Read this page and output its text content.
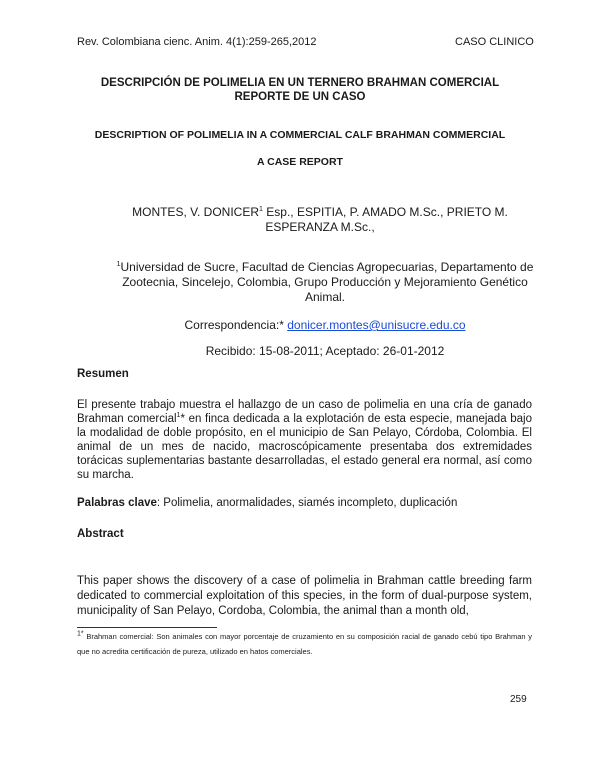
Rev. Colombiana cienc. Anim. 4(1):259-265,2012	CASO CLINICO
DESCRIPCIÓN DE POLIMELIA EN UN TERNERO BRAHMAN COMERCIAL
REPORTE DE UN CASO
DESCRIPTION OF POLIMELIA IN A COMMERCIAL CALF BRAHMAN COMMERCIAL
A CASE REPORT
MONTES, V. DONICER$^1$ Esp., ESPITIA, P. AMADO M.Sc., PRIETO M.
ESPERANZA M.Sc.,
$^1$Universidad de Sucre, Facultad de Ciencias Agropecuarias, Departamento de
Zootecnia, Sincelejo, Colombia, Grupo Producción y Mejoramiento Genético
Animal.
Correspondencia:* donicer.montes@unisucre.edu.co
Recibido: 15-08-2011; Aceptado: 26-01-2012
Resumen
El presente trabajo muestra el hallazgo de un caso de polimelia en una cría de ganado Brahman comercial$^1$* en finca dedicada a la explotación de esta especie, manejada bajo la modalidad de doble propósito, en el municipio de San Pelayo, Córdoba, Colombia. El animal de un mes de nacido, macroscópicamente presentaba dos extremidades torácicas suplementarias bastante desarrolladas, el estado general era normal, así como su marcha.
Palabras clave: Polimelia, anormalidades, siamés incompleto, duplicación
Abstract
This paper shows the discovery of a case of polimelia in Brahman cattle breeding farm dedicated to commercial exploitation of this species, in the form of dual-purpose system, municipality of San Pelayo, Cordoba, Colombia, the animal than a month old,
$^{1*}$ Brahman comercial: Son animales con mayor porcentaje de cruzamiento en su composición racial de ganado cebú tipo Brahman y que no acredita certificación de pureza, utilizado en hatos comerciales.
259
